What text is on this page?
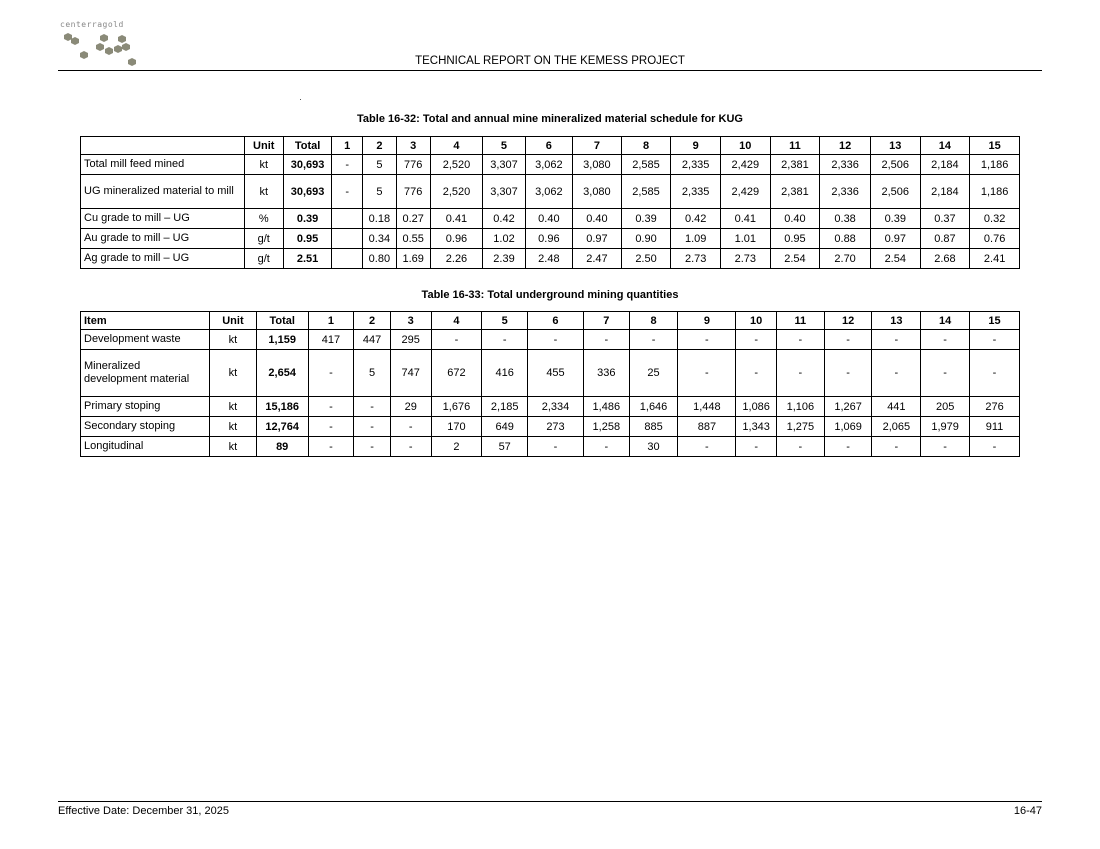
centerragold
TECHNICAL REPORT ON THE KEMESS PROJECT
Table 16-32: Total and annual mine mineralized material schedule for KUG
	Unit	Total	1	2	3	4	5	6	7	8	9	10	11	12	13	14	15
Total mill feed mined	kt	30,693	-	5	776	2,520	3,307	3,062	3,080	2,585	2,335	2,429	2,381	2,336	2,506	2,184	1,186
UG mineralized material to mill	kt	30,693	-	5	776	2,520	3,307	3,062	3,080	2,585	2,335	2,429	2,381	2,336	2,506	2,184	1,186
Cu grade to mill – UG	%	0.39		0.18	0.27	0.41	0.42	0.40	0.40	0.39	0.42	0.41	0.40	0.38	0.39	0.37	0.32
Au grade to mill – UG	g/t	0.95		0.34	0.55	0.96	1.02	0.96	0.97	0.90	1.09	1.01	0.95	0.88	0.97	0.87	0.76
Ag grade to mill – UG	g/t	2.51		0.80	1.69	2.26	2.39	2.48	2.47	2.50	2.73	2.73	2.54	2.70	2.54	2.68	2.41
Table 16-33: Total underground mining quantities
Item	Unit	Total	1	2	3	4	5	6	7	8	9	10	11	12	13	14	15
Development waste	kt	1,159	417	447	295	-	-	-	-	-	-	-	-	-	-	-	-
Mineralized development material	kt	2,654	-	5	747	672	416	455	336	25	-	-	-	-	-	-	-
Primary stoping	kt	15,186	-	-	29	1,676	2,185	2,334	1,486	1,646	1,448	1,086	1,106	1,267	441	205	276
Secondary stoping	kt	12,764	-	-	-	170	649	273	1,258	885	887	1,343	1,275	1,069	2,065	1,979	911
Longitudinal	kt	89	-	-	-	2	57	-	-	30	-	-	-	-	-	-	-
Effective Date: December 31, 2025	16-47
